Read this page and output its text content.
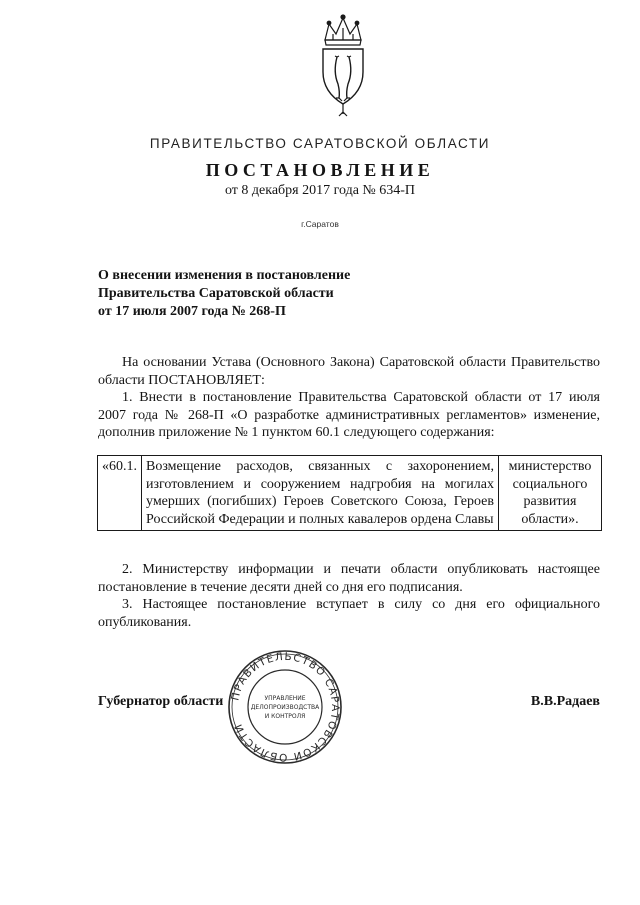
ПРАВИТЕЛЬСТВО САРАТОВСКОЙ ОБЛАСТИ
ПОСТАНОВЛЕНИЕ
от 8 декабря 2017 года № 634-П
г.Саратов
О внесении изменения в постановление
Правительства Саратовской области
от 17 июля 2007 года № 268-П

На основании Устава (Основного Закона) Саратовской области Правительство области ПОСТАНОВЛЯЕТ:

1. Внести в постановление Правительства Саратовской области от 17 июля 2007 года № 268-П «О разработке административных регламентов» изменение, дополнив приложение № 1 пунктом 60.1 следующего содержания:

«60.1.	Возмещение расходов, связанных с захоронением, изготовлением и сооружением надгробия на могилах умерших (погибших) Героев Советского Союза, Героев Российской Федерации и полных кавалеров ордена Славы	министерство социального развития области».

2. Министерству информации и печати области опубликовать настоящее постановление в течение десяти дней со дня его подписания.

3. Настоящее постановление вступает в силу со дня его официального опубликования.

Губернатор области	В.В.Радаев
ПРАВИТЕЛЬСТВО САРАТОВСКОЙ ОБЛАСТИ
УПРАВЛЕНИЕ
ДЕЛОПРОИЗВОДСТВА
И КОНТРОЛЯ
